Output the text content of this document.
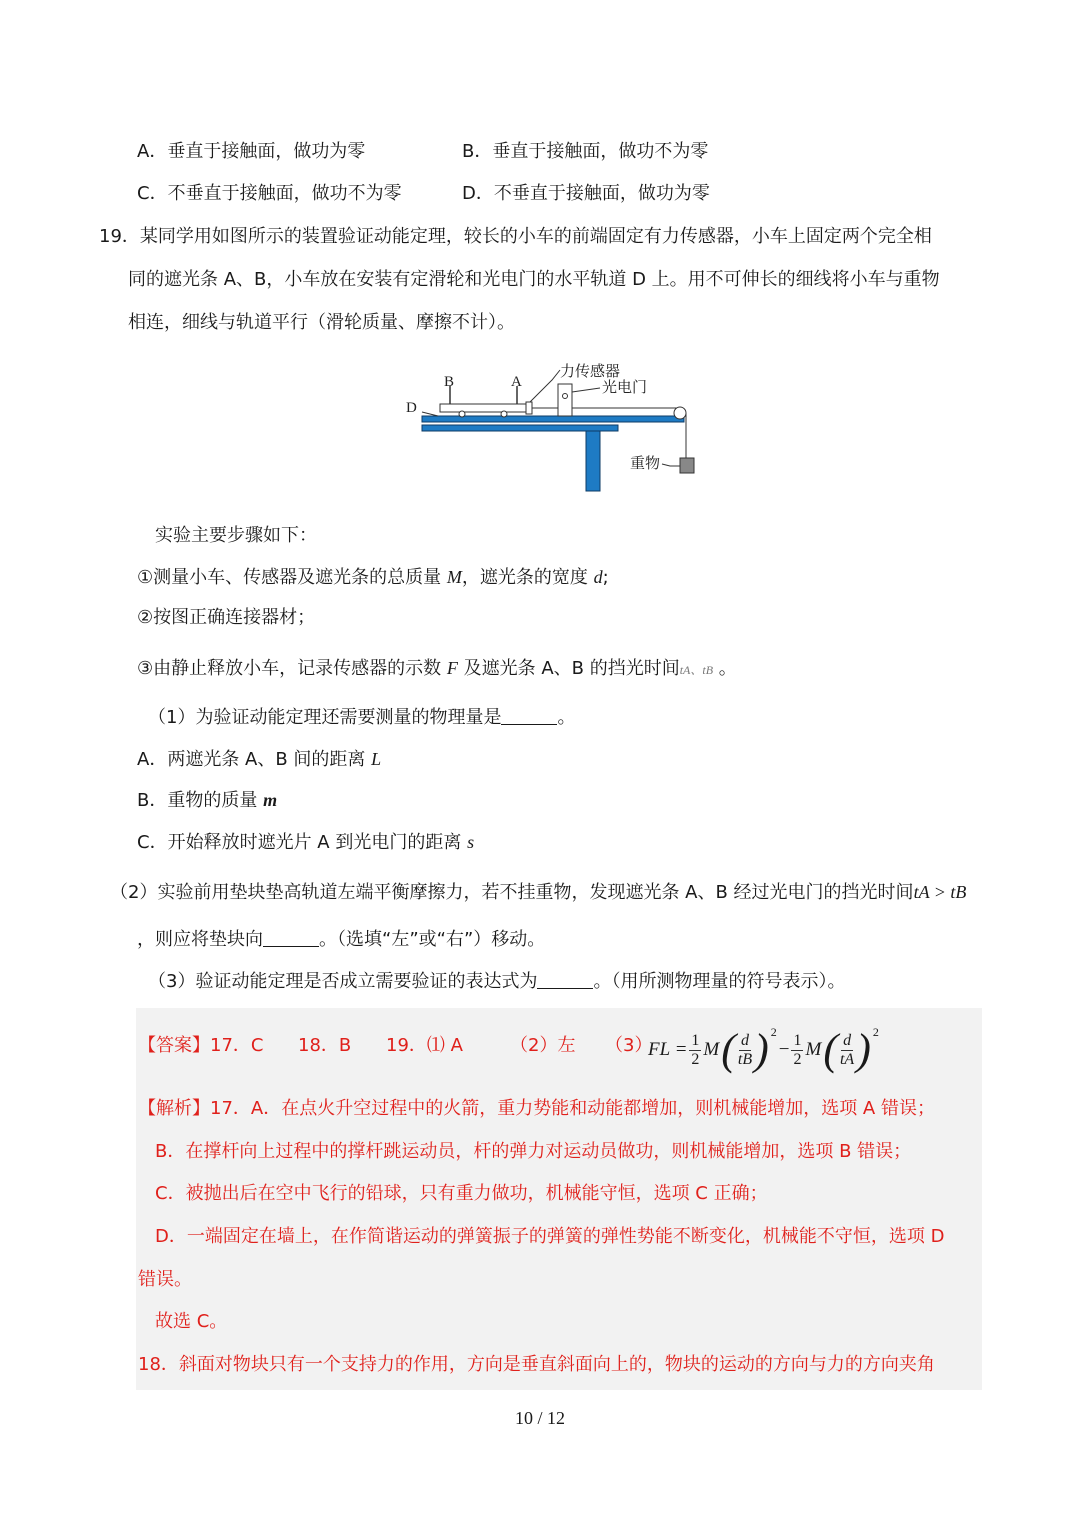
A．垂直于接触面，做功为零	B．垂直于接触面，做功不为零
C．不垂直于接触面，做功不为零	D．不垂直于接触面，做功为零
19．某同学用如图所示的装置验证动能定理，较长的小车的前端固定有力传感器，小车上固定两个完全相
同的遮光条 A、B，小车放在安装有定滑轮和光电门的水平轨道 D 上。用不可伸长的细线将小车与重物
相连，细线与轨道平行（滑轮质量、摩擦不计）。
B	A
D
力传感器
光电门
重物
实验主要步骤如下：
①测量小车、传感器及遮光条的总质量 M，遮光条的宽度 d;
②按图正确连接器材；
③由静止释放小车，记录传感器的示数 F 及遮光条 A、B 的挡光时间tA、tB 。
（1）为验证动能定理还需要测量的物理量是	。
A．两遮光条 A、B 间的距离 L
B．重物的质量 m
C．开始释放时遮光片 A 到光电门的距离 s
（2）实验前用垫块垫高轨道左端平衡摩擦力，若不挂重物，发现遮光条 A、B 经过光电门的挡光时间tA > tB
，则应将垫块向	。（选填“左”或“右”）移动。
（3）验证动能定理是否成立需要验证的表达式为	。（用所测物理量的符号表示）。
【答案】17．C 18．B 19．⑴ A	（2）左 （3）
FL = $\frac{1}{2}$ M ( $\frac{d}{tB}$ ) 2
− $\frac{1}{2}$ M ( $\frac{d}{tA}$ ) 2
【解析】17．A．在点火升空过程中的火箭，重力势能和动能都增加，则机械能增加，选项 A 错误；
B．在撑杆向上过程中的撑杆跳运动员，杆的弹力对运动员做功，则机械能增加，选项 B 错误；
C．被抛出后在空中飞行的铅球，只有重力做功，机械能守恒，选项 C 正确；
D．一端固定在墙上，在作简谐运动的弹簧振子的弹簧的弹性势能不断变化，机械能不守恒，选项 D
错误。
故选 C。
18．斜面对物块只有一个支持力的作用，方向是垂直斜面向上的，物块的运动的方向与力的方向夹角
10 / 12
